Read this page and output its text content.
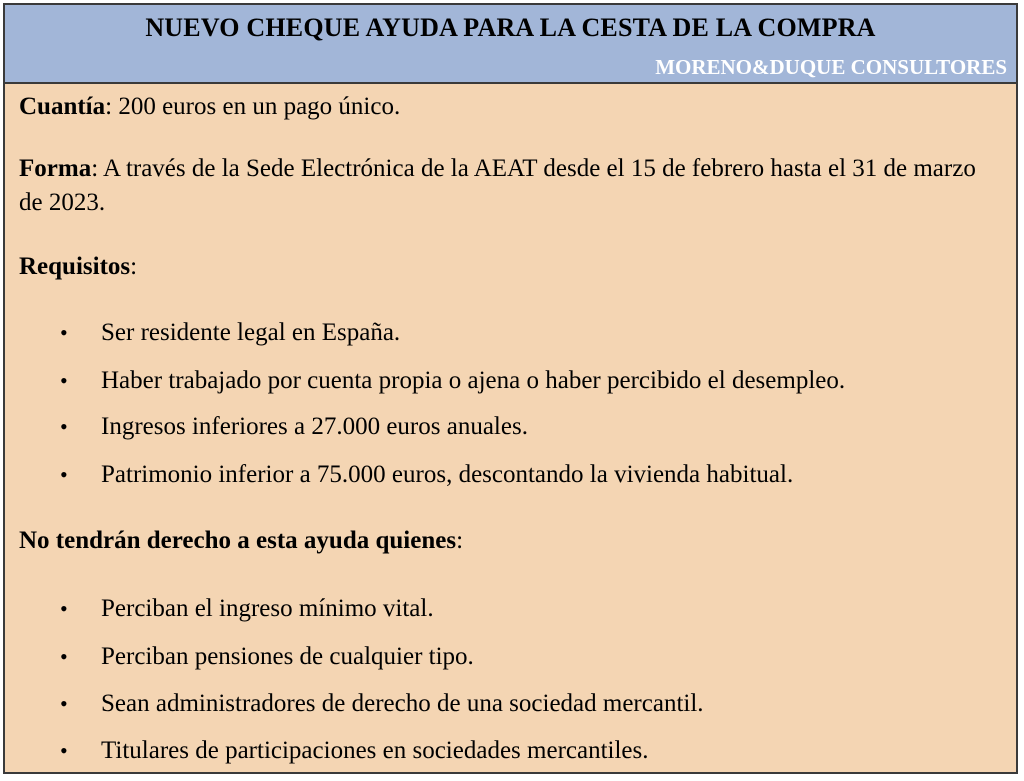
NUEVO CHEQUE AYUDA PARA LA CESTA DE LA COMPRA
MORENO&DUQUE CONSULTORES

Cuantía: 200 euros en un pago único.

Forma: A través de la Sede Electrónica de la AEAT desde el 15 de febrero hasta el 31 de marzo de 2023.

Requisitos:

• Ser residente legal en España.
• Haber trabajado por cuenta propia o ajena o haber percibido el desempleo.
• Ingresos inferiores a 27.000 euros anuales.
• Patrimonio inferior a 75.000 euros, descontando la vivienda habitual.

No tendrán derecho a esta ayuda quienes:

• Perciban el ingreso mínimo vital.
• Perciban pensiones de cualquier tipo.
• Sean administradores de derecho de una sociedad mercantil.
• Titulares de participaciones en sociedades mercantiles.
